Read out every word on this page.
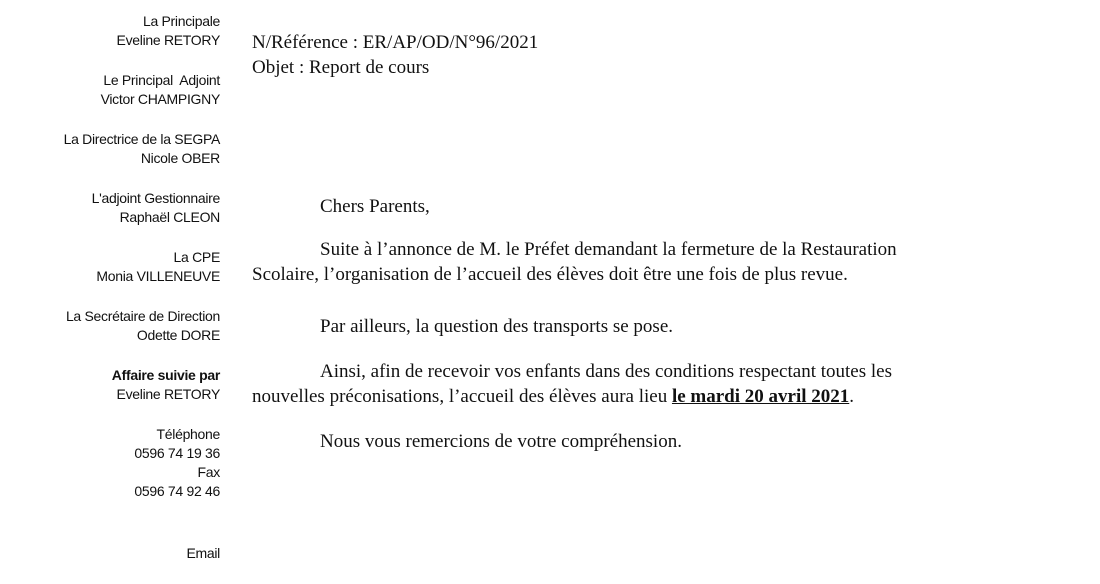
La Principale
Eveline RETORY
Le Principal  Adjoint
Victor CHAMPIGNY
La Directrice de la SEGPA
Nicole OBER
L'adjoint Gestionnaire
Raphaël CLEON
La CPE
Monia VILLENEUVE
La Secrétaire de Direction
Odette DORE
Affaire suivie par
Eveline RETORY
Téléphone
0596 74 19 36
Fax
0596 74 92 46
Email
N/Référence : ER/AP/OD/N°96/2021
Objet : Report de cours
Chers Parents,
Suite à l’annonce de M. le Préfet demandant la fermeture de la Restauration
Scolaire, l’organisation de l’accueil des élèves doit être une fois de plus revue.
Par ailleurs, la question des transports se pose.
Ainsi, afin de recevoir vos enfants dans des conditions respectant toutes les
nouvelles préconisations, l’accueil des élèves aura lieu le mardi 20 avril 2021.
Nous vous remercions de votre compréhension.
